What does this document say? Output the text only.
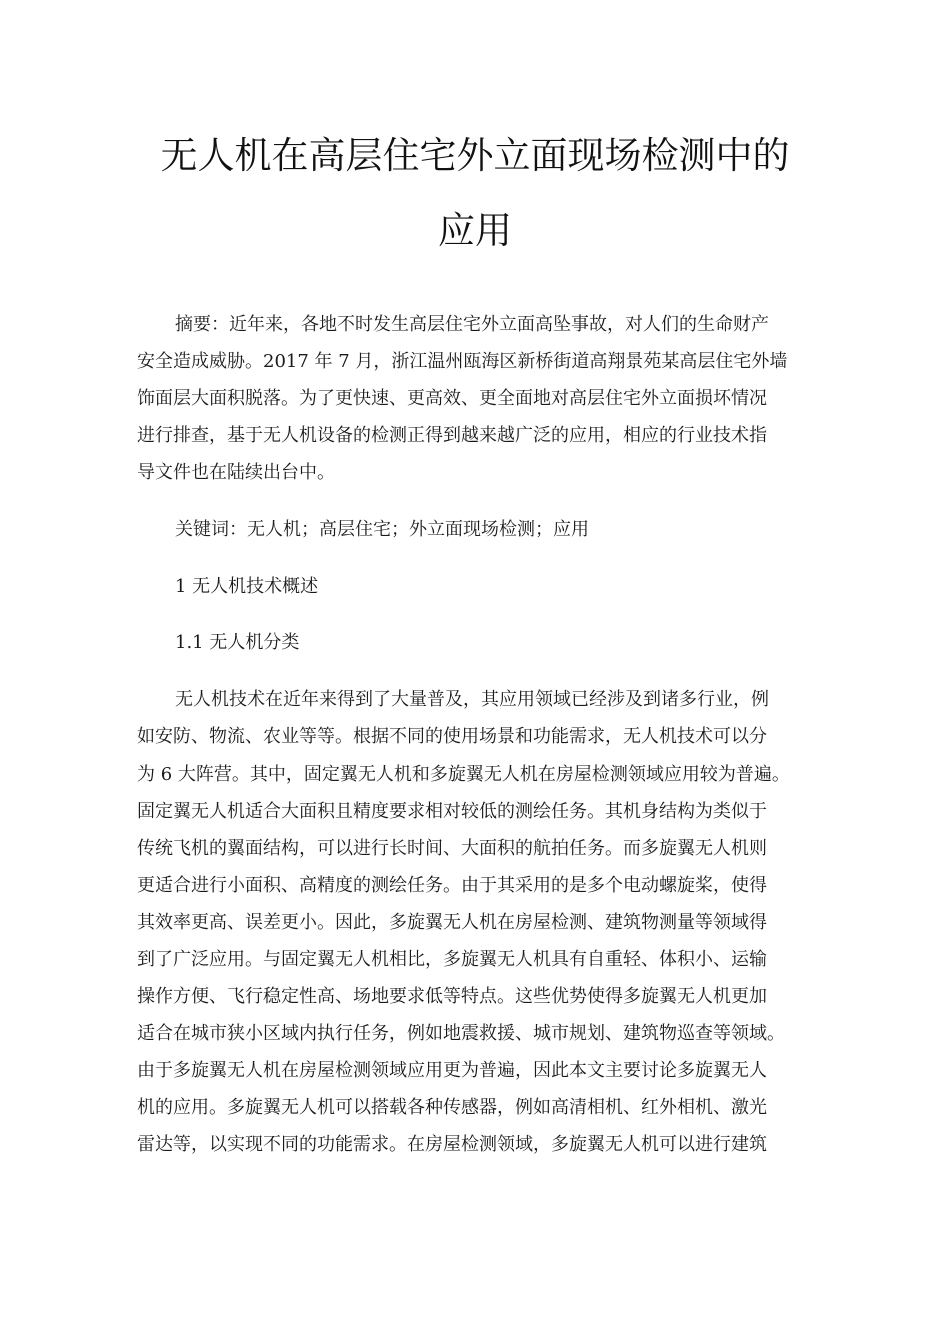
无人机在高层住宅外立面现场检测中的
应用
摘要：近年来，各地不时发生高层住宅外立面高坠事故，对人们的生命财产
安全造成威胁。2017 年 7 月，浙江温州瓯海区新桥街道高翔景苑某高层住宅外墙
饰面层大面积脱落。为了更快速、更高效、更全面地对高层住宅外立面损坏情况
进行排查，基于无人机设备的检测正得到越来越广泛的应用，相应的行业技术指
导文件也在陆续出台中。
关键词：无人机；高层住宅；外立面现场检测；应用
1 无人机技术概述
1.1 无人机分类
无人机技术在近年来得到了大量普及，其应用领域已经涉及到诸多行业，例
如安防、物流、农业等等。根据不同的使用场景和功能需求，无人机技术可以分
为 6 大阵营。其中，固定翼无人机和多旋翼无人机在房屋检测领域应用较为普遍。
固定翼无人机适合大面积且精度要求相对较低的测绘任务。其机身结构为类似于
传统飞机的翼面结构，可以进行长时间、大面积的航拍任务。而多旋翼无人机则
更适合进行小面积、高精度的测绘任务。由于其采用的是多个电动螺旋桨，使得
其效率更高、误差更小。因此，多旋翼无人机在房屋检测、建筑物测量等领域得
到了广泛应用。与固定翼无人机相比，多旋翼无人机具有自重轻、体积小、运输
操作方便、飞行稳定性高、场地要求低等特点。这些优势使得多旋翼无人机更加
适合在城市狭小区域内执行任务，例如地震救援、城市规划、建筑物巡查等领域。
由于多旋翼无人机在房屋检测领域应用更为普遍，因此本文主要讨论多旋翼无人
机的应用。多旋翼无人机可以搭载各种传感器，例如高清相机、红外相机、激光
雷达等，以实现不同的功能需求。在房屋检测领域，多旋翼无人机可以进行建筑
